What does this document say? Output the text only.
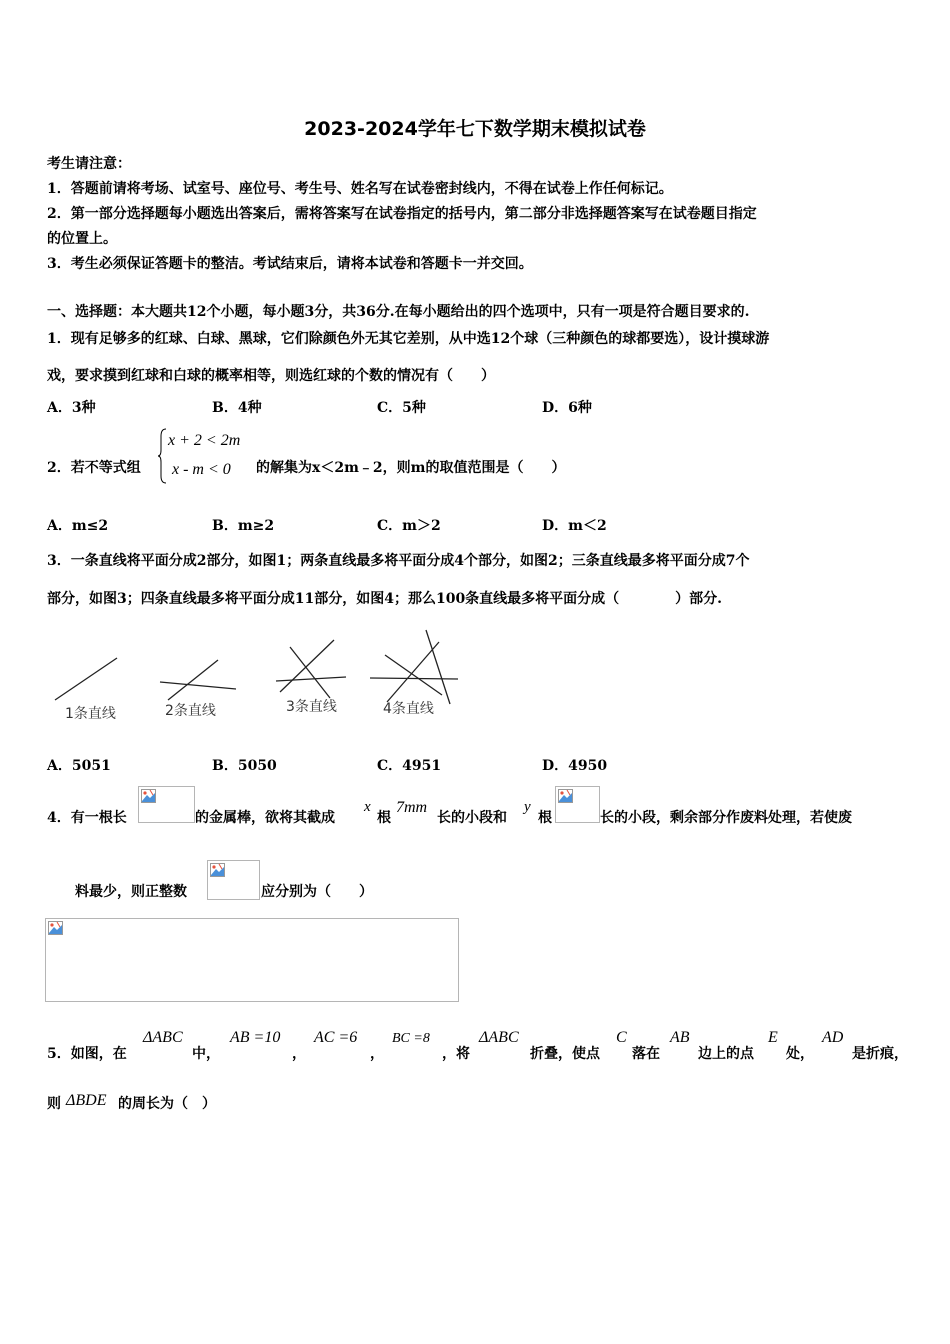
2023-2024学年七下数学期末模拟试卷
考生请注意：
1．答题前请将考场、试室号、座位号、考生号、姓名写在试卷密封线内，不得在试卷上作任何标记。
2．第一部分选择题每小题选出答案后，需将答案写在试卷指定的括号内，第二部分非选择题答案写在试卷题目指定
的位置上。
3．考生必须保证答题卡的整洁。考试结束后，请将本试卷和答题卡一并交回。
一、选择题：本大题共12个小题，每小题3分，共36分.在每小题给出的四个选项中，只有一项是符合题目要求的.
1．现有足够多的红球、白球、黑球，它们除颜色外无其它差别，从中选12个球（三种颜色的球都要选），设计摸球游
戏，要求摸到红球和白球的概率相等，则选红球的个数的情况有（　　）
A．3种	B．4种	C．5种	D．6种
2．若不等式组
x + 2 < 2m
x - m < 0 的解集为x＜2m﹣2，则m的取值范围是（　　）
A．m≤2	B．m≥2	C．m＞2	D．m＜2
3．一条直线将平面分成2部分，如图1；两条直线最多将平面分成4个部分，如图2；三条直线最多将平面分成7个
部分，如图3；四条直线最多将平面分成11部分，如图4；那么100条直线最多将平面分成（　　　　）部分.
1条直线	2条直线	3条直线	4条直线
A．5051	B．5050	C．4951	D．4950
4．有一根长	的金属棒，欲将其截成
x
根
7mm
长的小段和
y
根	长的小段，剩余部分作废料处理，若使废
料最少，则正整数	应分别为（　　）
5．如图，在
ΔABC
中，
AB =10
，
AC =6
，
BC =8
，将
ΔABC
折叠，使点
C
落在
AB
边上的点
E
处，
AD
是折痕，
则 ΔBDE 的周长为（　）
